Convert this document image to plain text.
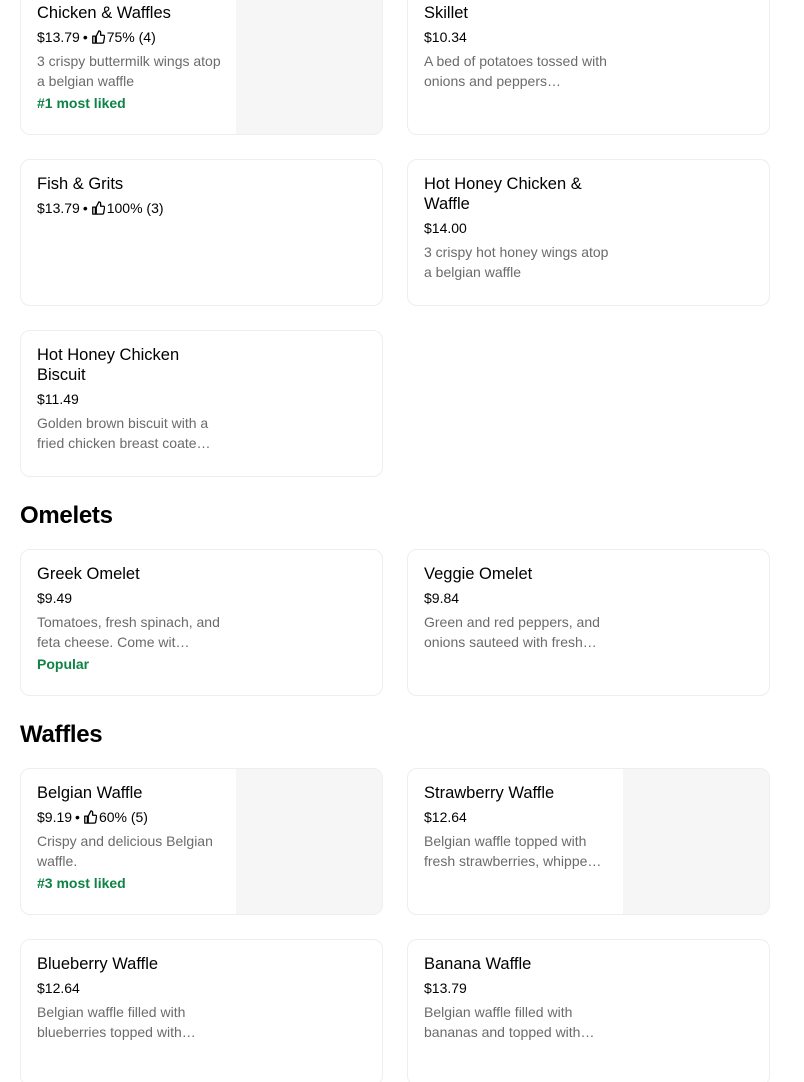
Chicken & Waffles
$13.79 • 75% (4)
3 crispy buttermilk wings atop a belgian waffle
#1 most liked
Skillet
$10.34
A bed of potatoes tossed with onions and peppers…
Fish & Grits
$13.79 • 100% (3)
Hot Honey Chicken & Waffle
$14.00
3 crispy hot honey wings atop a belgian waffle
Hot Honey Chicken Biscuit
$11.49
Golden brown biscuit with a fried chicken breast coate…
Omelets
Greek Omelet
$9.49
Tomatoes, fresh spinach, and feta cheese. Come wit…
Popular
Veggie Omelet
$9.84
Green and red peppers, and onions sauteed with fresh…
Waffles
Belgian Waffle
$9.19 • 60% (5)
Crispy and delicious Belgian waffle.
#3 most liked
Strawberry Waffle
$12.64
Belgian waffle topped with fresh strawberries, whippe…
Blueberry Waffle
$12.64
Belgian waffle filled with blueberries topped with…
Banana Waffle
$13.79
Belgian waffle filled with bananas and topped with…
